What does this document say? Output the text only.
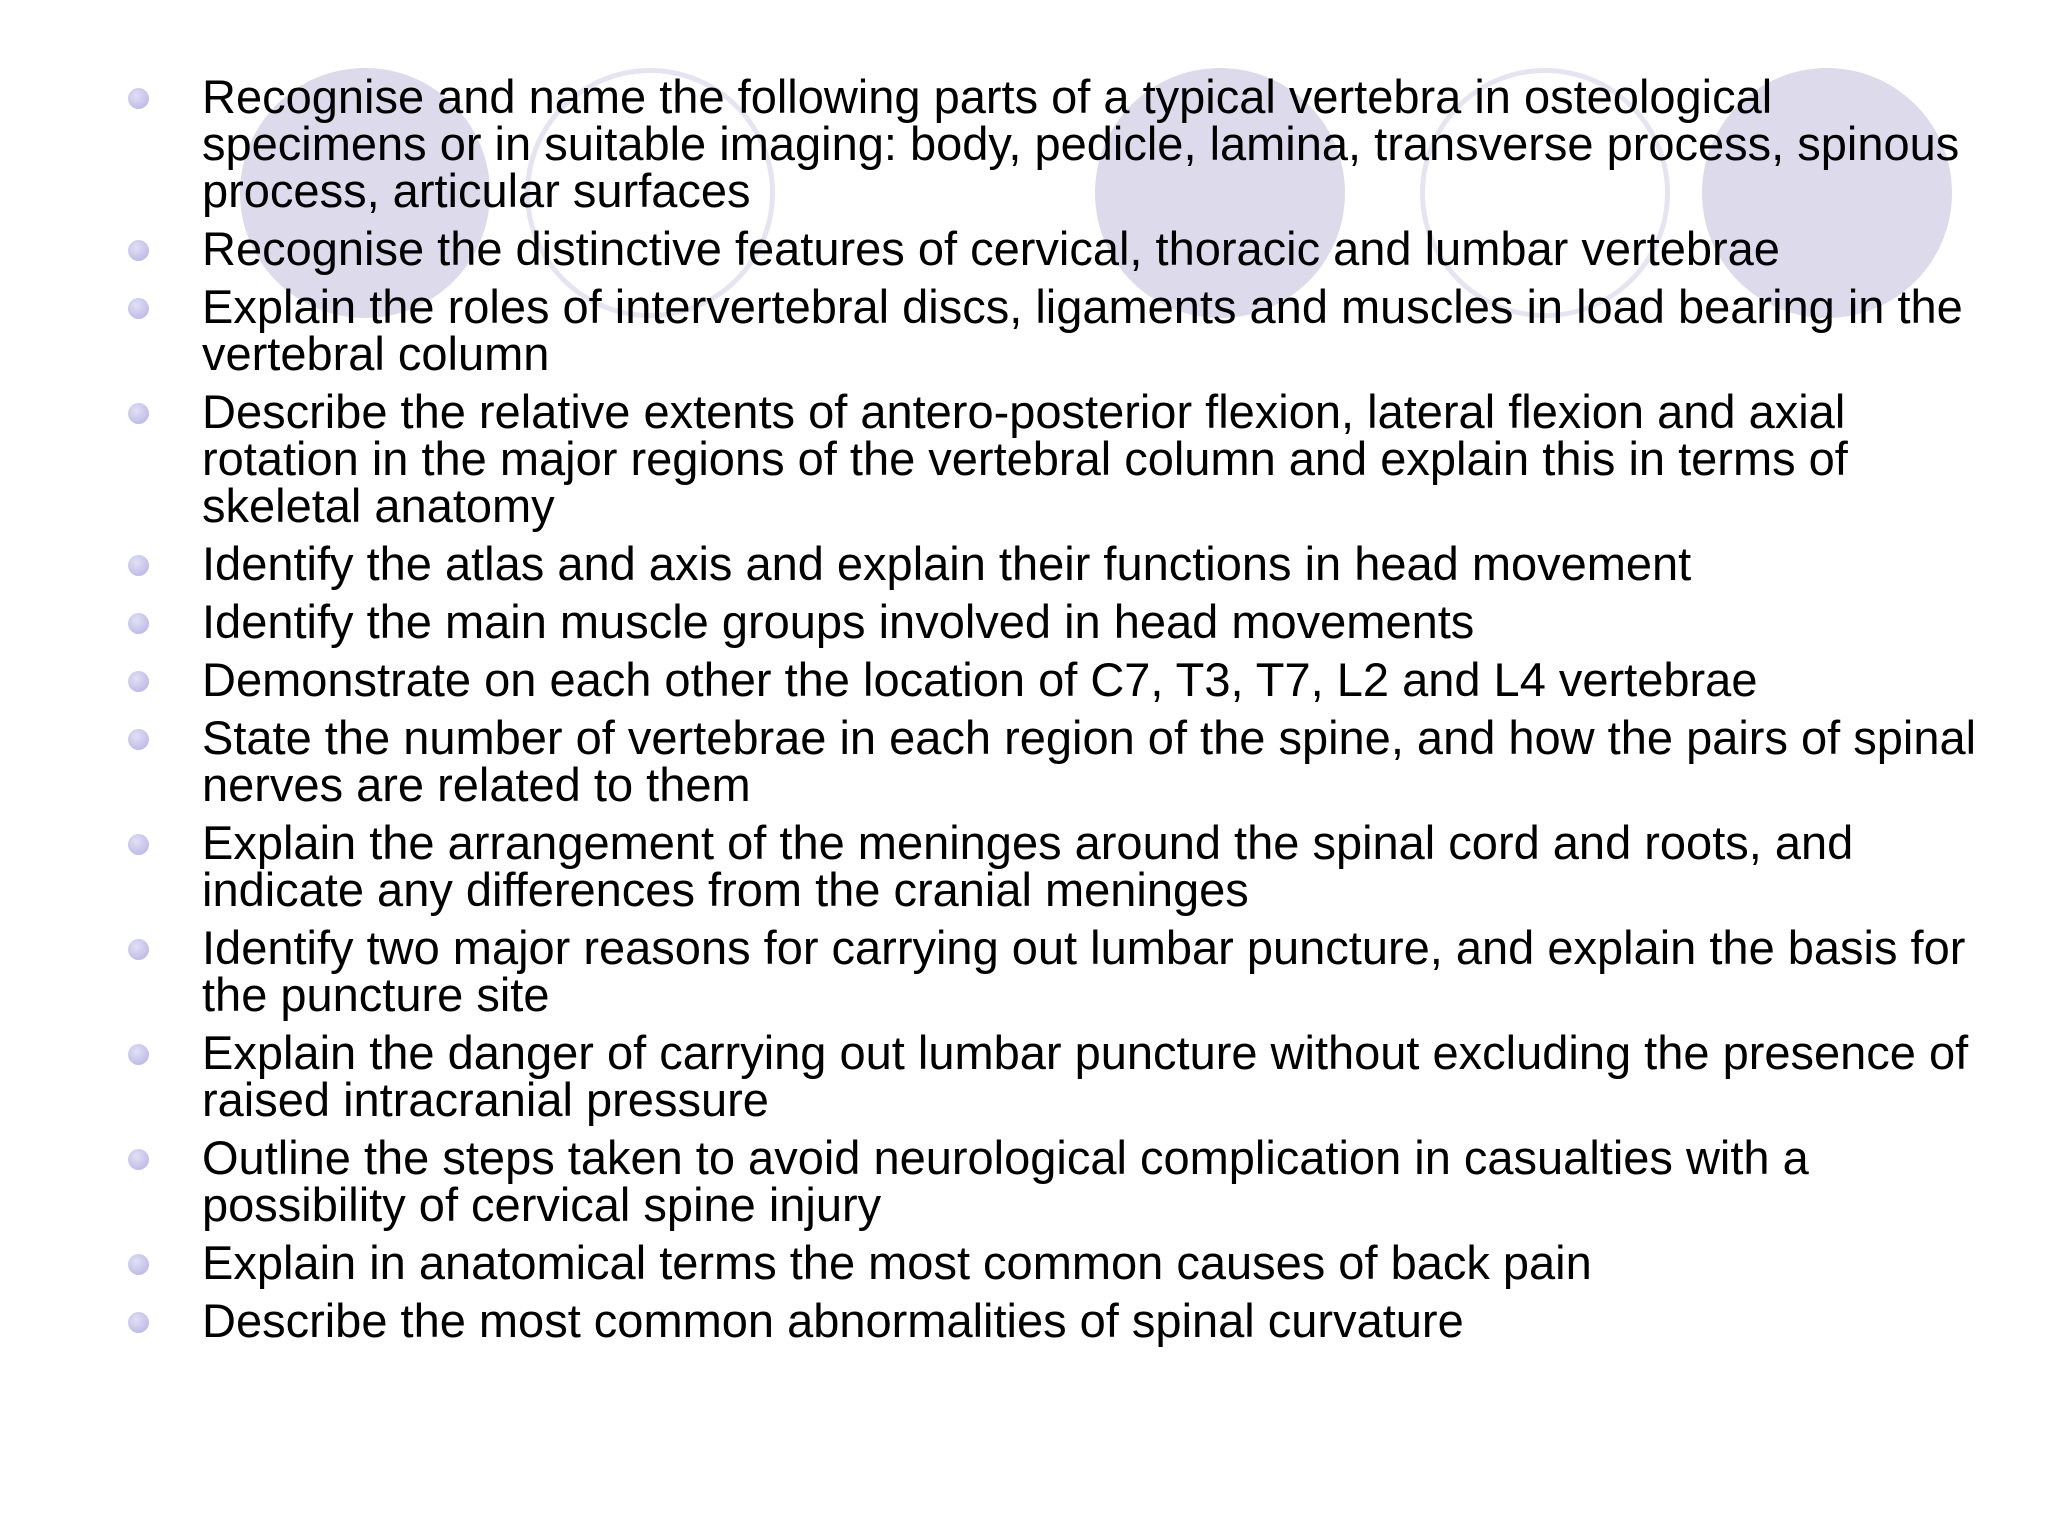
Recognise and name the following parts of a typical vertebra in osteological specimens or in suitable imaging: body, pedicle, lamina, transverse process, spinous process, articular surfaces
Recognise the distinctive features of cervical, thoracic and lumbar vertebrae
Explain the roles of intervertebral discs, ligaments and muscles in load bearing in the vertebral column
Describe the relative extents of antero-posterior flexion, lateral flexion and axial rotation in the major regions of the vertebral column and explain this in terms of skeletal anatomy
Identify the atlas and axis and explain their functions in head movement
Identify the main muscle groups involved in head movements
Demonstrate on each other the location of C7, T3, T7, L2 and L4 vertebrae
State the number of vertebrae in each region of the spine, and how the pairs of spinal nerves are related to them
Explain the arrangement of the meninges around the spinal cord and roots, and indicate any differences from the cranial meninges
Identify two major reasons for carrying out lumbar puncture, and explain the basis for the puncture site
Explain the danger of carrying out lumbar puncture without excluding the presence of raised intracranial pressure
Outline the steps taken to avoid neurological complication in casualties with a possibility of cervical spine injury
Explain in anatomical terms the most common causes of back pain
Describe the most common abnormalities of spinal curvature
